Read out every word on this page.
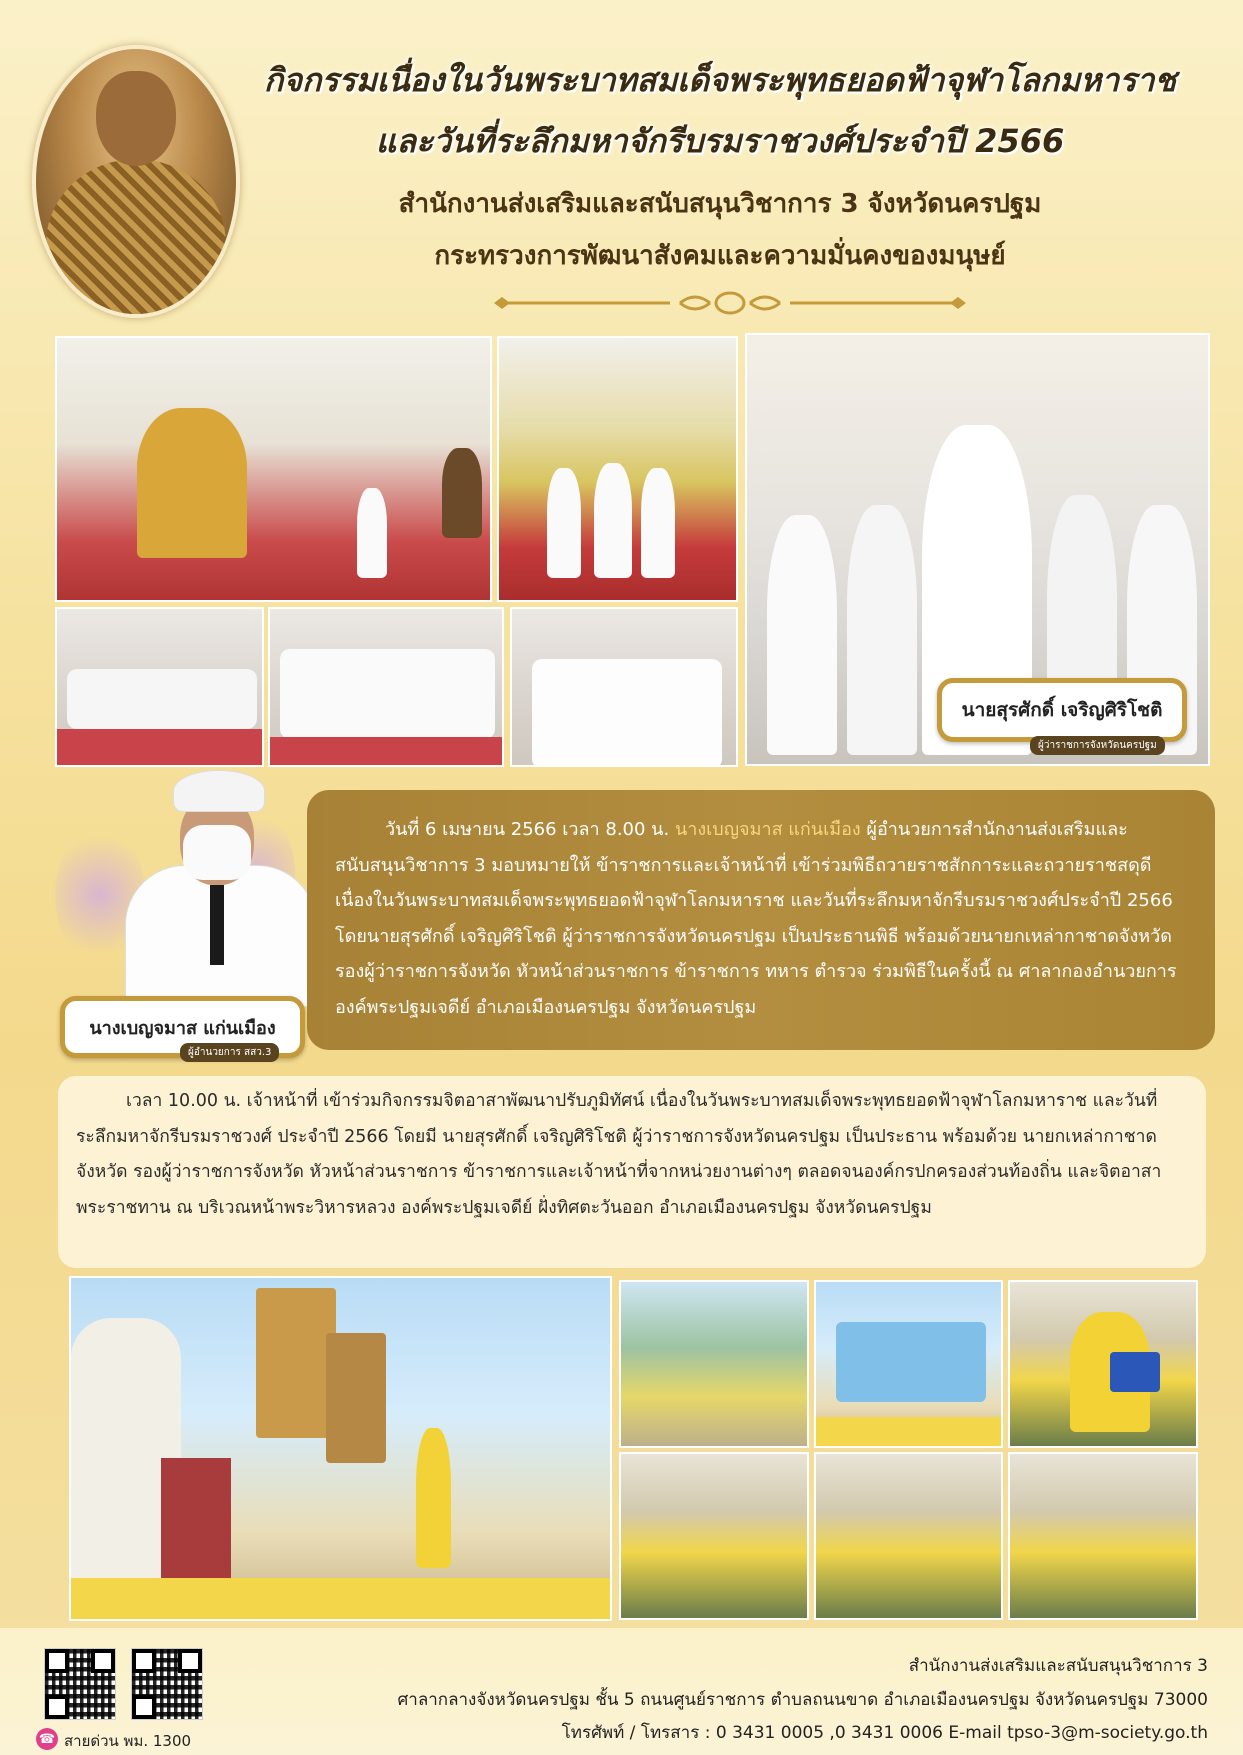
กิจกรรมเนื่องในวันพระบาทสมเด็จพระพุทธยอดฟ้าจุฬาโลกมหาราช
และวันที่ระลึกมหาจักรีบรมราชวงศ์ประจำปี 2566
สำนักงานส่งเสริมและสนับสนุนวิชาการ 3 จังหวัดนครปฐม
กระทรวงการพัฒนาสังคมและความมั่นคงของมนุษย์
นายสุรศักดิ์ เจริญศิริโชติ
ผู้ว่าราชการจังหวัดนครปฐม
นางเบญจมาส แก่นเมือง
ผู้อำนวยการ สสว.3
วันที่ 6 เมษายน 2566 เวลา 8.00 น. นางเบญจมาส แก่นเมือง ผู้อำนวยการสำนักงานส่งเสริมและสนับสนุนวิชาการ 3 มอบหมายให้ ข้าราชการและเจ้าหน้าที่ เข้าร่วมพิธีถวายราชสักการะและถวายราชสดุดี เนื่องในวันพระบาทสมเด็จพระพุทธยอดฟ้าจุฬาโลกมหาราช และวันที่ระลึกมหาจักรีบรมราชวงศ์ประจำปี 2566 โดยนายสุรศักดิ์ เจริญศิริโชติ ผู้ว่าราชการจังหวัดนครปฐม เป็นประธานพิธี พร้อมด้วยนายกเหล่ากาชาดจังหวัด รองผู้ว่าราชการจังหวัด หัวหน้าส่วนราชการ ข้าราชการ ทหาร ตำรวจ ร่วมพิธีในครั้งนี้ ณ ศาลากองอำนวยการ องค์พระปฐมเจดีย์ อำเภอเมืองนครปฐม จังหวัดนครปฐม
เวลา 10.00 น. เจ้าหน้าที่ เข้าร่วมกิจกรรมจิตอาสาพัฒนาปรับภูมิทัศน์ เนื่องในวันพระบาทสมเด็จพระพุทธยอดฟ้าจุฬาโลกมหาราช และวันที่ระลึกมหาจักรีบรมราชวงศ์ ประจำปี 2566 โดยมี นายสุรศักดิ์ เจริญศิริโชติ ผู้ว่าราชการจังหวัดนครปฐม เป็นประธาน พร้อมด้วย นายกเหล่ากาชาดจังหวัด รองผู้ว่าราชการจังหวัด หัวหน้าส่วนราชการ ข้าราชการและเจ้าหน้าที่จากหน่วยงานต่างๆ ตลอดจนองค์กรปกครองส่วนท้องถิ่น และจิตอาสาพระราชทาน ณ บริเวณหน้าพระวิหารหลวง องค์พระปฐมเจดีย์ ฝั่งทิศตะวันออก อำเภอเมืองนครปฐม จังหวัดนครปฐม
☎ สายด่วน พม. 1300
สำนักงานส่งเสริมและสนับสนุนวิชาการ 3
ศาลากลางจังหวัดนครปฐม ชั้น 5 ถนนศูนย์ราชการ ตำบลถนนขาด อำเภอเมืองนครปฐม จังหวัดนครปฐม 73000
โทรศัพท์ / โทรสาร : 0 3431 0005 ,0 3431 0006 E-mail tpso-3@m-society.go.th
